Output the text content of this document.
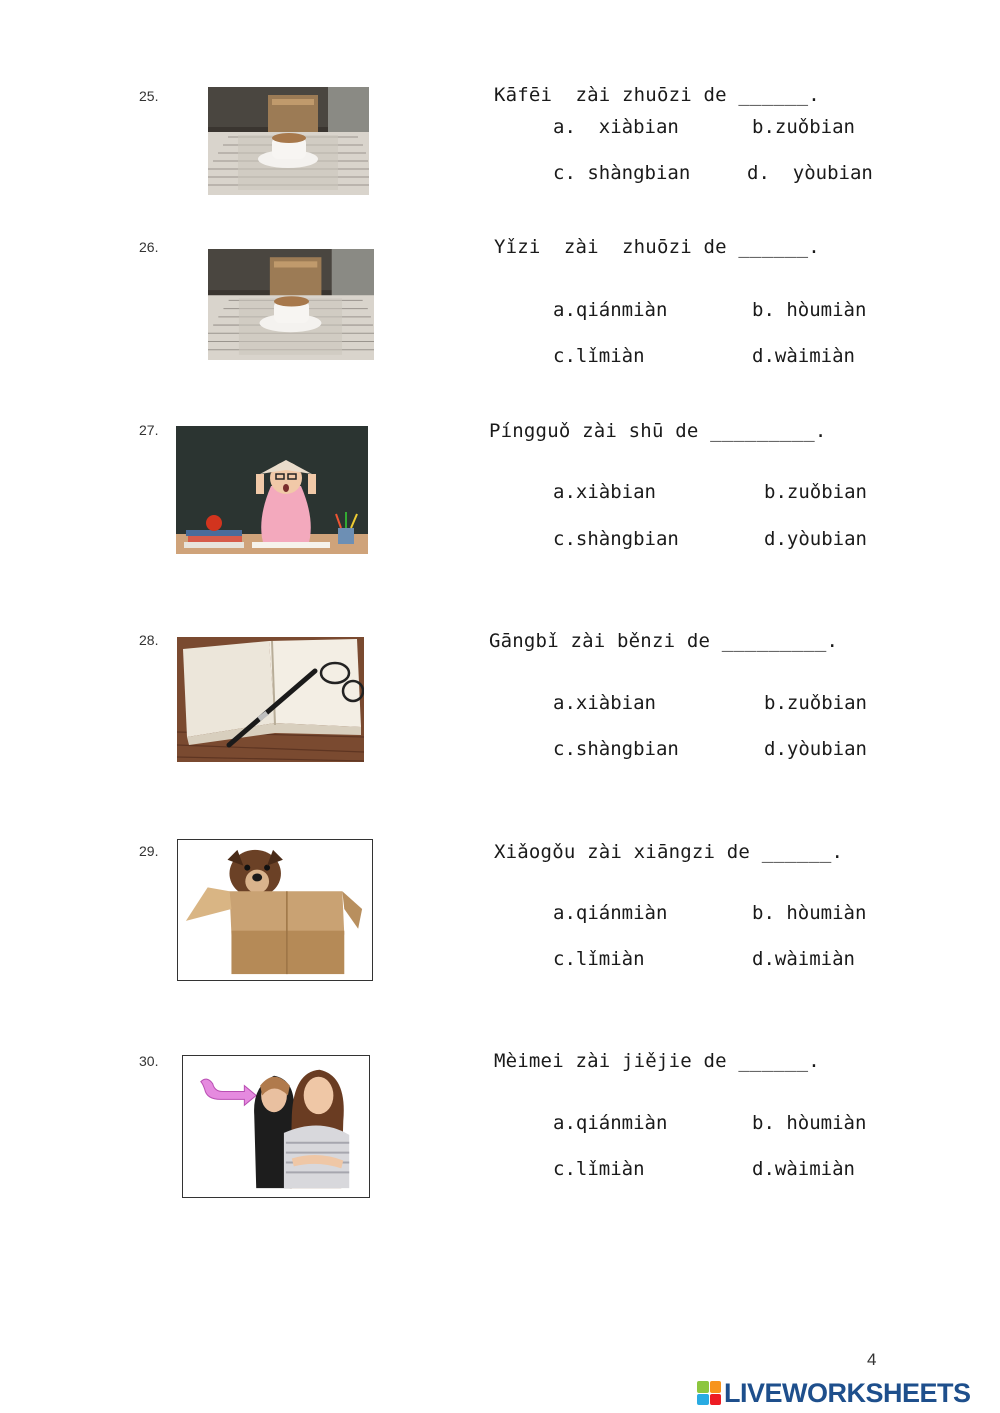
25.	Kāfēi  zài zhuōzi de ______.
a.  xiàbian	b.zuǒbian
c. shàngbian	d.  yòubian
26.	Yǐzi  zài  zhuōzi de ______.
a.qiánmiàn	b. hòumiàn
c.lǐmiàn	d.wàimiàn
27.	Píngguǒ zài shū de _________.
a.xiàbian	b.zuǒbian
c.shàngbian	d.yòubian
28.	Gāngbǐ zài běnzi de _________.
a.xiàbian	b.zuǒbian
c.shàngbian	d.yòubian
29.	Xiǎogǒu zài xiāngzi de ______.
a.qiánmiàn	b. hòumiàn
c.lǐmiàn	d.wàimiàn
30.	Mèimei zài jiějie de ______.
a.qiánmiàn	b. hòumiàn
c.lǐmiàn	d.wàimiàn
4
LIVEWORKSHEETS
